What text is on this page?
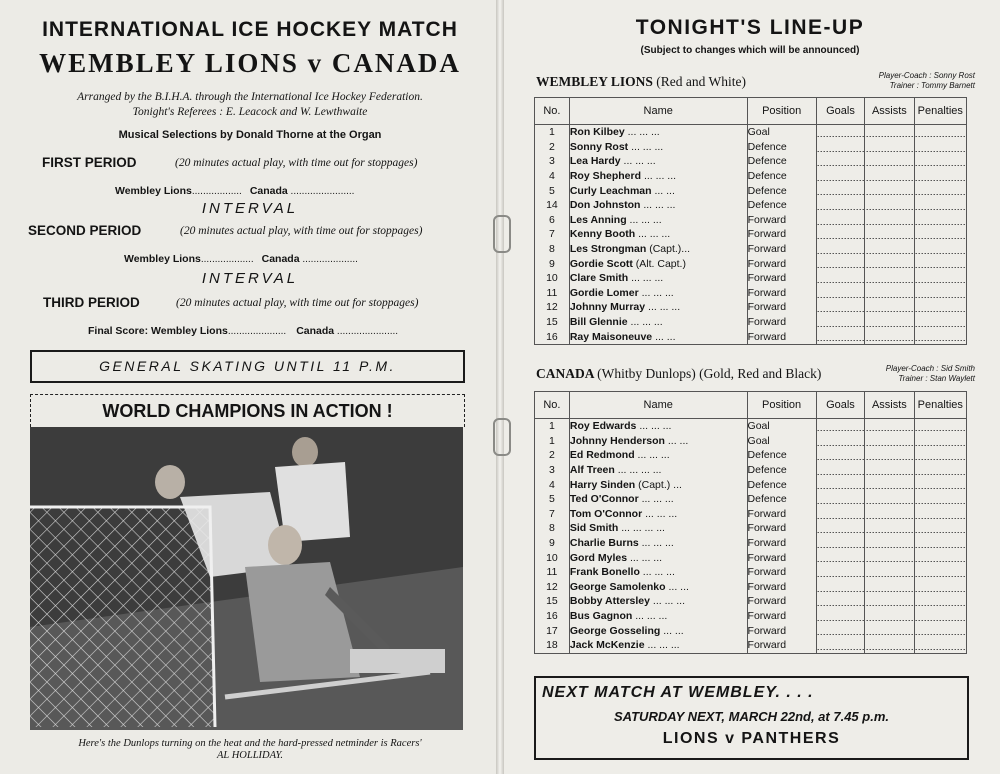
INTERNATIONAL ICE HOCKEY MATCH
WEMBLEY LIONS v CANADA
Arranged by the B.I.H.A. through the International Ice Hockey Federation.
Tonight's Referees : E. Leacock and W. Lewthwaite
Musical Selections by Donald Thorne at the Organ
FIRST PERIOD	(20 minutes actual play, with time out for stoppages)
Wembley Lions.................. Canada .......................
INTERVAL
SECOND PERIOD	(20 minutes actual play, with time out for stoppages)
Wembley Lions................... Canada ....................
INTERVAL
THIRD PERIOD	(20 minutes actual play, with time out for stoppages)
Final Score: Wembley Lions..................... Canada ......................
GENERAL SKATING UNTIL 11 P.M.
WORLD CHAMPIONS IN ACTION !
Here's the Dunlops turning on the heat and the hard-pressed netminder is Racers'
AL HOLLIDAY.
TONIGHT'S LINE-UP
(Subject to changes which will be announced)
WEMBLEY LIONS (Red and White)	Player-Coach : Sonny Rost
Trainer : Tommy Barnett
No.	Name	Position	Goals	Assists	Penalties
1	Ron Kilbey ... ... ...	Goal			
2	Sonny Rost ... ... ...	Defence			
3	Lea Hardy ... ... ...	Defence			
4	Roy Shepherd ... ... ...	Defence			
5	Curly Leachman ... ...	Defence			
14	Don Johnston ... ... ...	Defence			
6	Les Anning ... ... ...	Forward			
7	Kenny Booth ... ... ...	Forward			
8	Les Strongman (Capt.)...	Forward			
9	Gordie Scott (Alt. Capt.)	Forward			
10	Clare Smith ... ... ...	Forward			
11	Gordie Lomer ... ... ...	Forward			
12	Johnny Murray ... ... ...	Forward			
15	Bill Glennie ... ... ...	Forward			
16	Ray Maisoneuve ... ...	Forward			
CANADA (Whitby Dunlops) (Gold, Red and Black)	Player-Coach : Sid Smith
Trainer : Stan Waylett
No.	Name	Position	Goals	Assists	Penalties
1	Roy Edwards ... ... ...	Goal			
1	Johnny Henderson ... ...	Goal			
2	Ed Redmond ... ... ...	Defence			
3	Alf Treen ... ... ... ...	Defence			
4	Harry Sinden (Capt.) ...	Defence			
5	Ted O'Connor ... ... ...	Defence			
7	Tom O'Connor ... ... ...	Forward			
8	Sid Smith ... ... ... ...	Forward			
9	Charlie Burns ... ... ...	Forward			
10	Gord Myles ... ... ...	Forward			
11	Frank Bonello ... ... ...	Forward			
12	George Samolenko ... ...	Forward			
15	Bobby Attersley ... ... ...	Forward			
16	Bus Gagnon ... ... ...	Forward			
17	George Gosseling ... ...	Forward			
18	Jack McKenzie ... ... ...	Forward			
NEXT MATCH AT WEMBLEY. . . .
SATURDAY NEXT, MARCH 22nd, at 7.45 p.m.
LIONS v PANTHERS
